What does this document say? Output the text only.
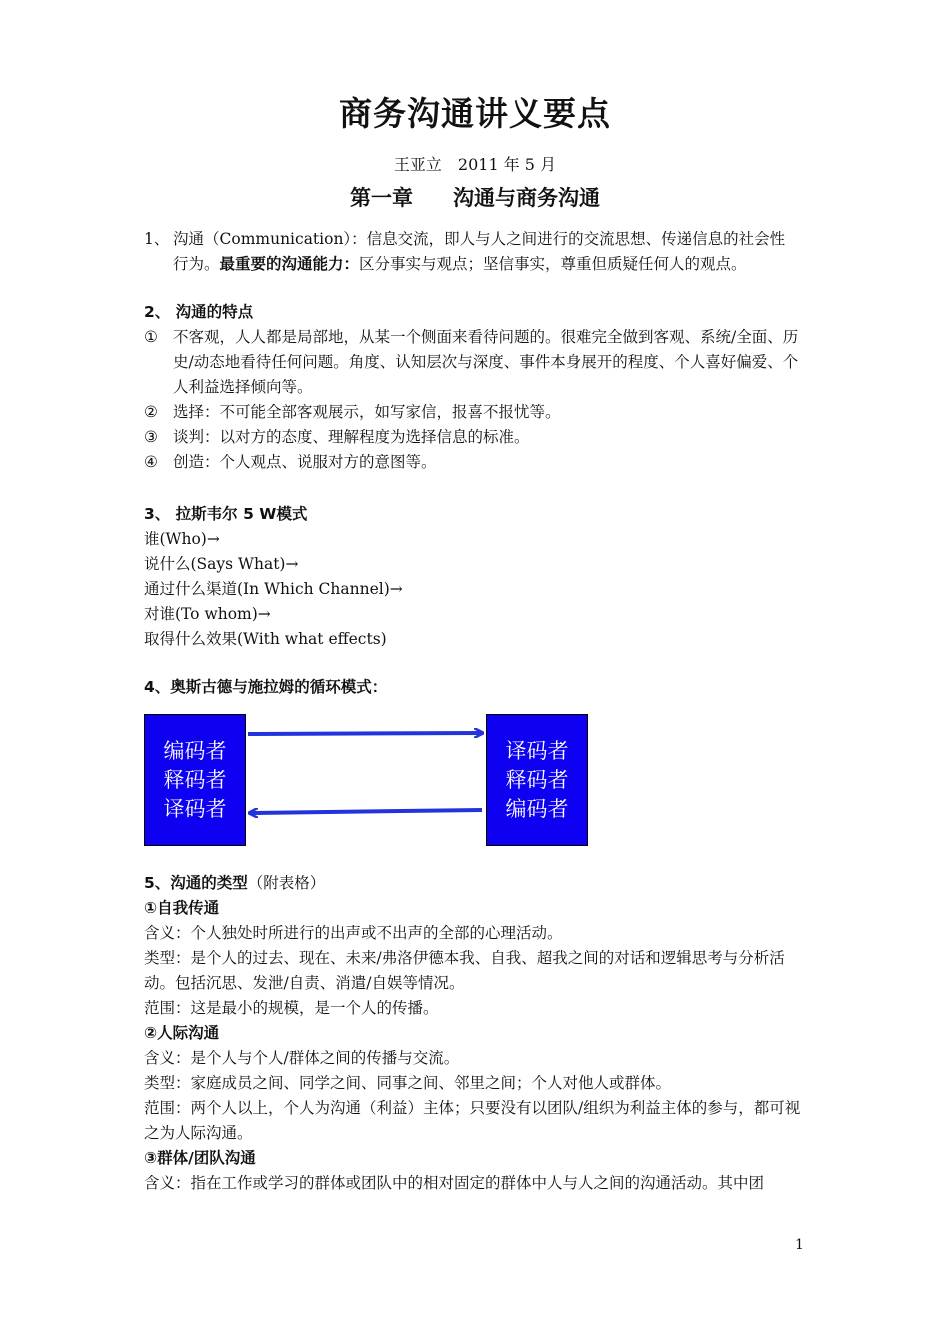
商务沟通讲义要点
王亚立　2011 年 5 月
第一章 沟通与商务沟通
1、 沟通（Communication）：信息交流，即人与人之间进行的交流思想、传递信息的社会性
行为。最重要的沟通能力：区分事实与观点；坚信事实，尊重但质疑任何人的观点。
2、 沟通的特点
① 不客观，人人都是局部地，从某一个侧面来看待问题的。很难完全做到客观、系统/全面、历史/动态地看待任何问题。角度、认知层次与深度、事件本身展开的程度、个人喜好偏爱、个人利益选择倾向等。
② 选择：不可能全部客观展示，如写家信，报喜不报忧等。
③ 谈判：以对方的态度、理解程度为选择信息的标准。
④ 创造：个人观点、说服对方的意图等。
3、 拉斯韦尔 5 W模式
谁(Who)→
说什么(Says What)→
通过什么渠道(In Which Channel)→
对谁(To whom)→
取得什么效果(With what effects)
4、奥斯古德与施拉姆的循环模式：
编码者
释码者
译码者
译码者
释码者
编码者
5、沟通的类型（附表格）
①自我传通
含义：个人独处时所进行的出声或不出声的全部的心理活动。
类型：是个人的过去、现在、未来/弗洛伊德本我、自我、超我之间的对话和逻辑思考与分析活动。包括沉思、发泄/自责、消遣/自娱等情况。
范围：这是最小的规模，是一个人的传播。
②人际沟通
含义：是个人与个人/群体之间的传播与交流。
类型：家庭成员之间、同学之间、同事之间、邻里之间；个人对他人或群体。
范围：两个人以上，个人为沟通（利益）主体；只要没有以团队/组织为利益主体的参与，都可视之为人际沟通。
③群体/团队沟通
含义：指在工作或学习的群体或团队中的相对固定的群体中人与人之间的沟通活动。其中团
1
